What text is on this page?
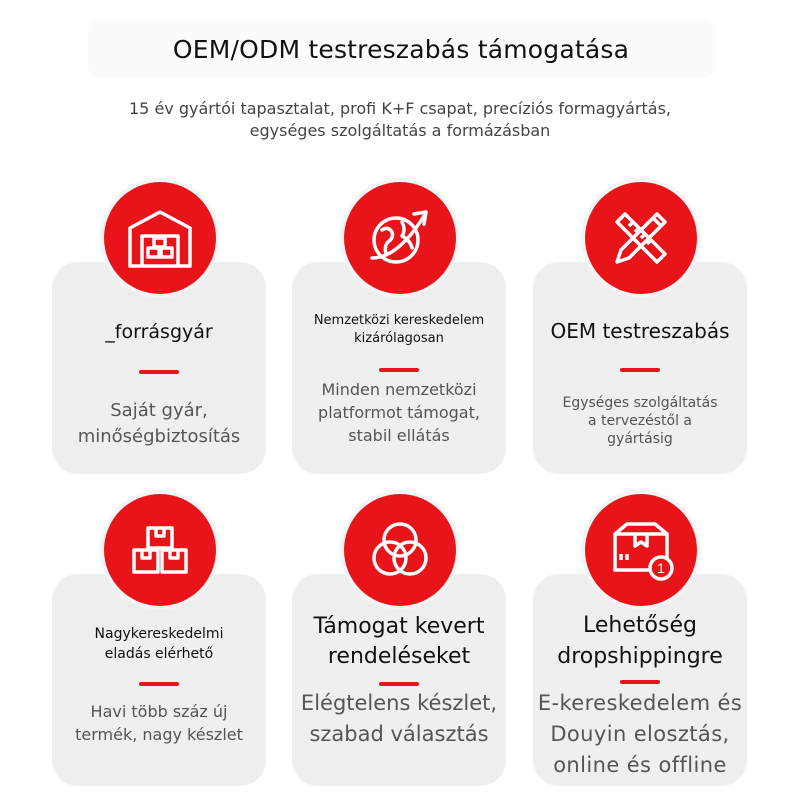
OEM/ODM testreszabás támogatása
15 év gyártói tapasztalat, profi K+F csapat, precíziós formagyártás,
egységes szolgáltatás a formázásban
_forrásgyár
Saját gyár, minőségbiztosítás
Nemzetközi kereskedelem kizárólagosan
Minden nemzetközi platformot támogat, stabil ellátás
OEM testreszabás
Egységes szolgáltatás a tervezéstől a gyártásig
Nagykereskedelmi eladás elérhető
Havi több száz új termék, nagy készlet
Támogat kevert rendeléseket
Elégtelens készlet, szabad választás
Lehetőség dropshippingre
E-kereskedelem és Douyin elosztás, online és offline
1
